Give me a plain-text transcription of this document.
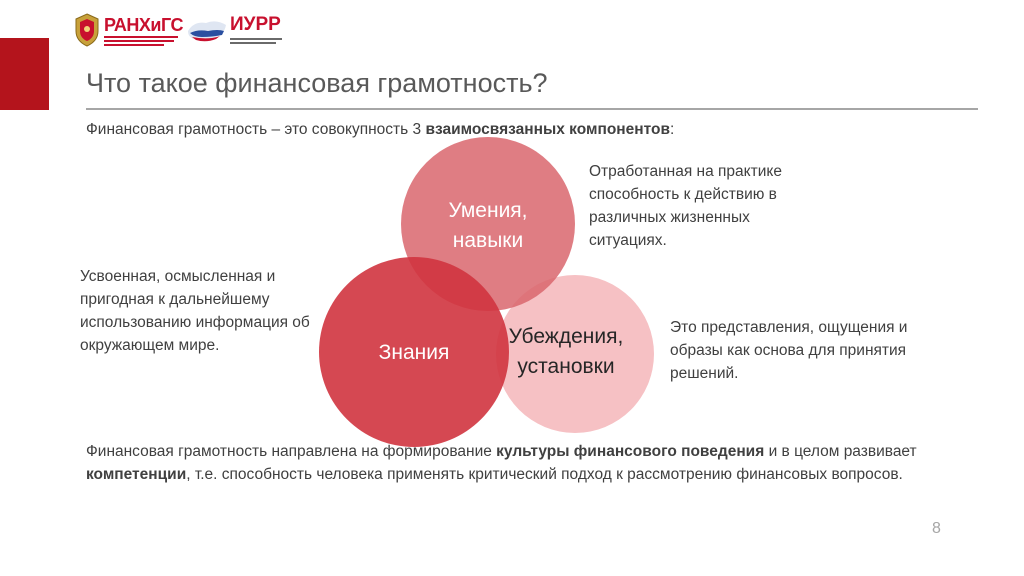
РАНХиГС ИУРР
Что такое финансовая грамотность?
Финансовая грамотность – это совокупность 3 взаимосвязанных компонентов:
Умения,
навыки
Знания
Убеждения,
установки
Отработанная на практике способность к действию в различных жизненных ситуациях.
Усвоенная, осмысленная и пригодная к дальнейшему использованию информация об окружающем мире.
Это представления, ощущения и образы как основа для принятия решений.
Финансовая грамотность направлена на формирование культуры финансового поведения и в целом развивает компетенции, т.е. способность человека применять критический подход к рассмотрению финансовых вопросов.
8
